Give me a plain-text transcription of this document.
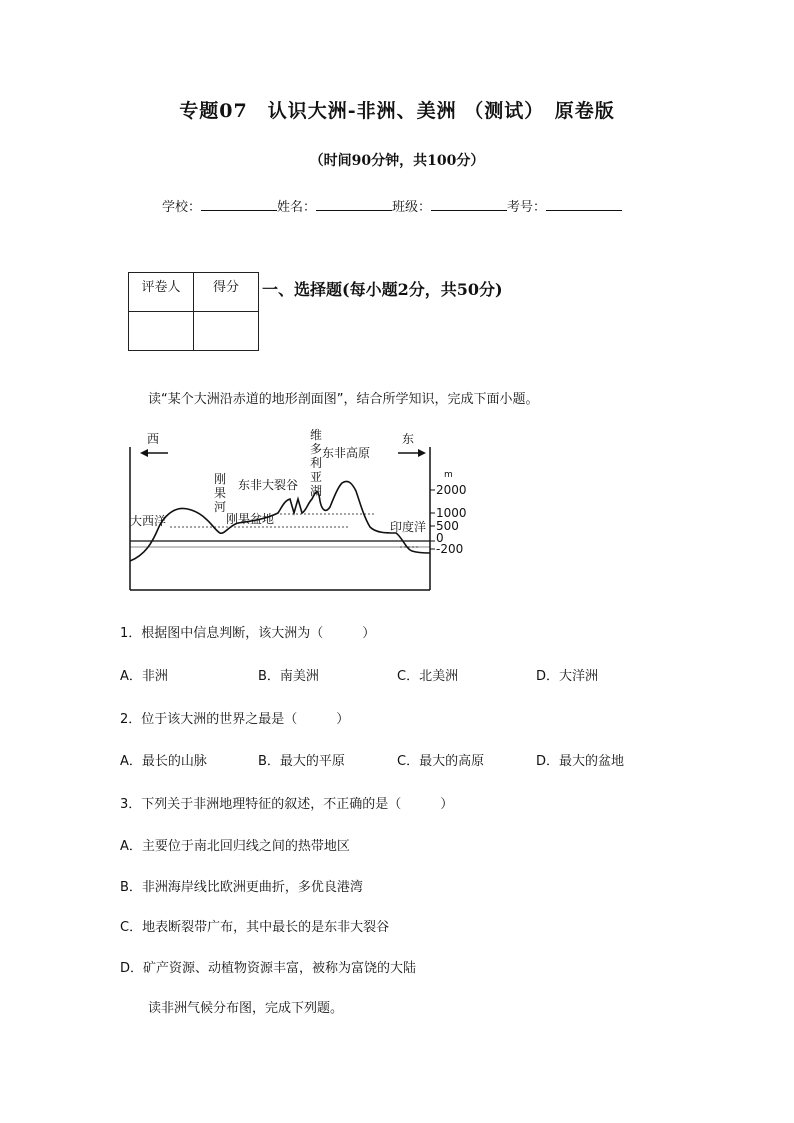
专题07　认识大洲-非洲、美洲 （测试）　原卷版
（时间90分钟，共100分）
学校：	姓名：	班级：	考号：
评卷人	得分
	一、选择题(每小题2分，共50分)
读“某个大洲沿赤道的地形剖面图”，结合所学知识，完成下面小题。
西	东
m
2000
1000
500
0
-200
大西洋	印度洋
刚果盆地
东非大裂谷
东非高原
刚果河
维多利亚湖
1．根据图中信息判断，该大洲为（　　　）
A．非洲	B．南美洲	C．北美洲	D．大洋洲
2．位于该大洲的世界之最是（　　　）
A．最长的山脉	B．最大的平原	C．最大的高原	D．最大的盆地
3．下列关于非洲地理特征的叙述，不正确的是（　　　）
A．主要位于南北回归线之间的热带地区
B．非洲海岸线比欧洲更曲折，多优良港湾
C．地表断裂带广布，其中最长的是东非大裂谷
D．矿产资源、动植物资源丰富，被称为富饶的大陆
读非洲气候分布图，完成下列题。
